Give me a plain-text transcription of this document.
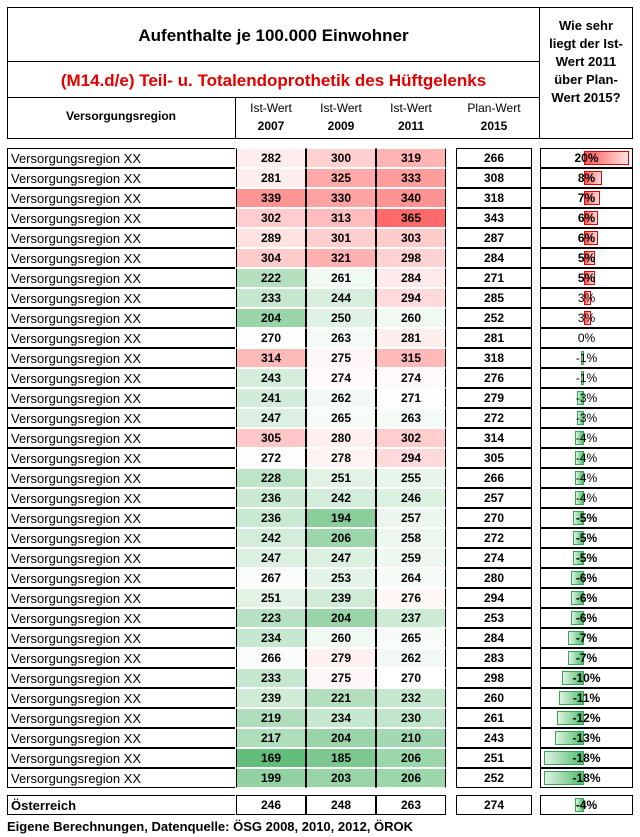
Aufenthalte je 100.000 Einwohner
(M14.d/e) Teil- u. Totalendoprothetik des Hüftgelenks
Versorgungsregion
Ist-Wert
2007
Ist-Wert
2009
Ist-Wert
2011
Plan-Wert
2015
Wie sehr
liegt der Ist-
Wert 2011
über Plan-
Wert 2015?
Versorgungsregion XX	282	300	319	266	20%
Versorgungsregion XX	281	325	333	308	8%
Versorgungsregion XX	339	330	340	318	7%
Versorgungsregion XX	302	313	365	343	6%
Versorgungsregion XX	289	301	303	287	6%
Versorgungsregion XX	304	321	298	284	5%
Versorgungsregion XX	222	261	284	271	5%
Versorgungsregion XX	233	244	294	285	3%
Versorgungsregion XX	204	250	260	252	3%
Versorgungsregion XX	270	263	281	281	0%
Versorgungsregion XX	314	275	315	318	-1%
Versorgungsregion XX	243	274	274	276	-1%
Versorgungsregion XX	241	262	271	279	-3%
Versorgungsregion XX	247	265	263	272	-3%
Versorgungsregion XX	305	280	302	314	-4%
Versorgungsregion XX	272	278	294	305	-4%
Versorgungsregion XX	228	251	255	266	-4%
Versorgungsregion XX	236	242	246	257	-4%
Versorgungsregion XX	236	194	257	270	-5%
Versorgungsregion XX	242	206	258	272	-5%
Versorgungsregion XX	247	247	259	274	-5%
Versorgungsregion XX	267	253	264	280	-6%
Versorgungsregion XX	251	239	276	294	-6%
Versorgungsregion XX	223	204	237	253	-6%
Versorgungsregion XX	234	260	265	284	-7%
Versorgungsregion XX	266	279	262	283	-7%
Versorgungsregion XX	233	275	270	298	-10%
Versorgungsregion XX	239	221	232	260	-11%
Versorgungsregion XX	219	234	230	261	-12%
Versorgungsregion XX	217	204	210	243	-13%
Versorgungsregion XX	169	185	206	251	-18%
Versorgungsregion XX	199	203	206	252	-18%
Österreich	246	248	263	274	-4%
Eigene Berechnungen, Datenquelle: ÖSG 2008, 2010, 2012, ÖROK
